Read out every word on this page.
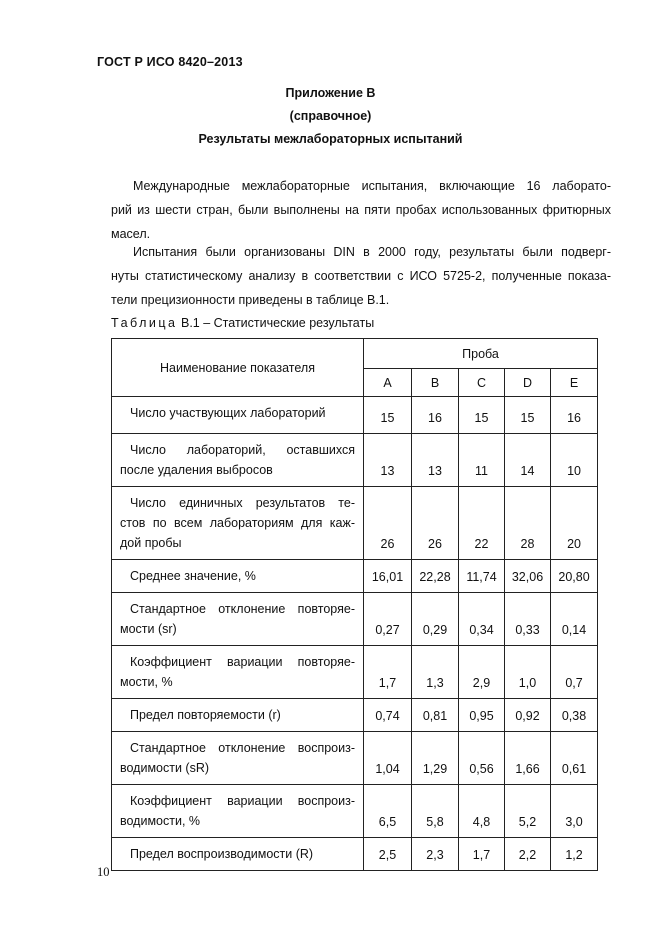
ГОСТ Р ИСО 8420–2013
Приложение В
(справочное)
Результаты межлабораторных испытаний
Международные межлабораторные испытания, включающие 16 лаборато-
рий из шести стран, были выполнены на пяти пробах использованных фритюрных
масел.
Испытания были организованы DIN в 2000 году, результаты были подверг-
нуты статистическому анализу в соответствии с ИСО 5725-2, полученные показа-
тели прецизионности приведены в таблице В.1.
Таблица В.1 – Статистические результаты
Наименование показателя	Проба				
	A	B	C	D	E

Число участвующих лабораторий	15	16	15	15	16

Число лабораторий, оставшихся
после удаления выбросов	13	13	11	14	10

Число единичных результатов те-
стов по всем лабораториям для каж-
дой пробы	26	26	22	28	20

Среднее значение, %	16,01	22,28	11,74	32,06	20,80

Стандартное отклонение повторяе-
мости (sr)	0,27	0,29	0,34	0,33	0,14

Коэффициент вариации повторяе-
мости, %	1,7	1,3	2,9	1,0	0,7

Предел повторяемости (r)	0,74	0,81	0,95	0,92	0,38

Стандартное отклонение воспроиз-
водимости (sR)	1,04	1,29	0,56	1,66	0,61

Коэффициент вариации воспроиз-
водимости, %	6,5	5,8	4,8	5,2	3,0

Предел воспроизводимости (R)	2,5	2,3	1,7	2,2	1,2
10
